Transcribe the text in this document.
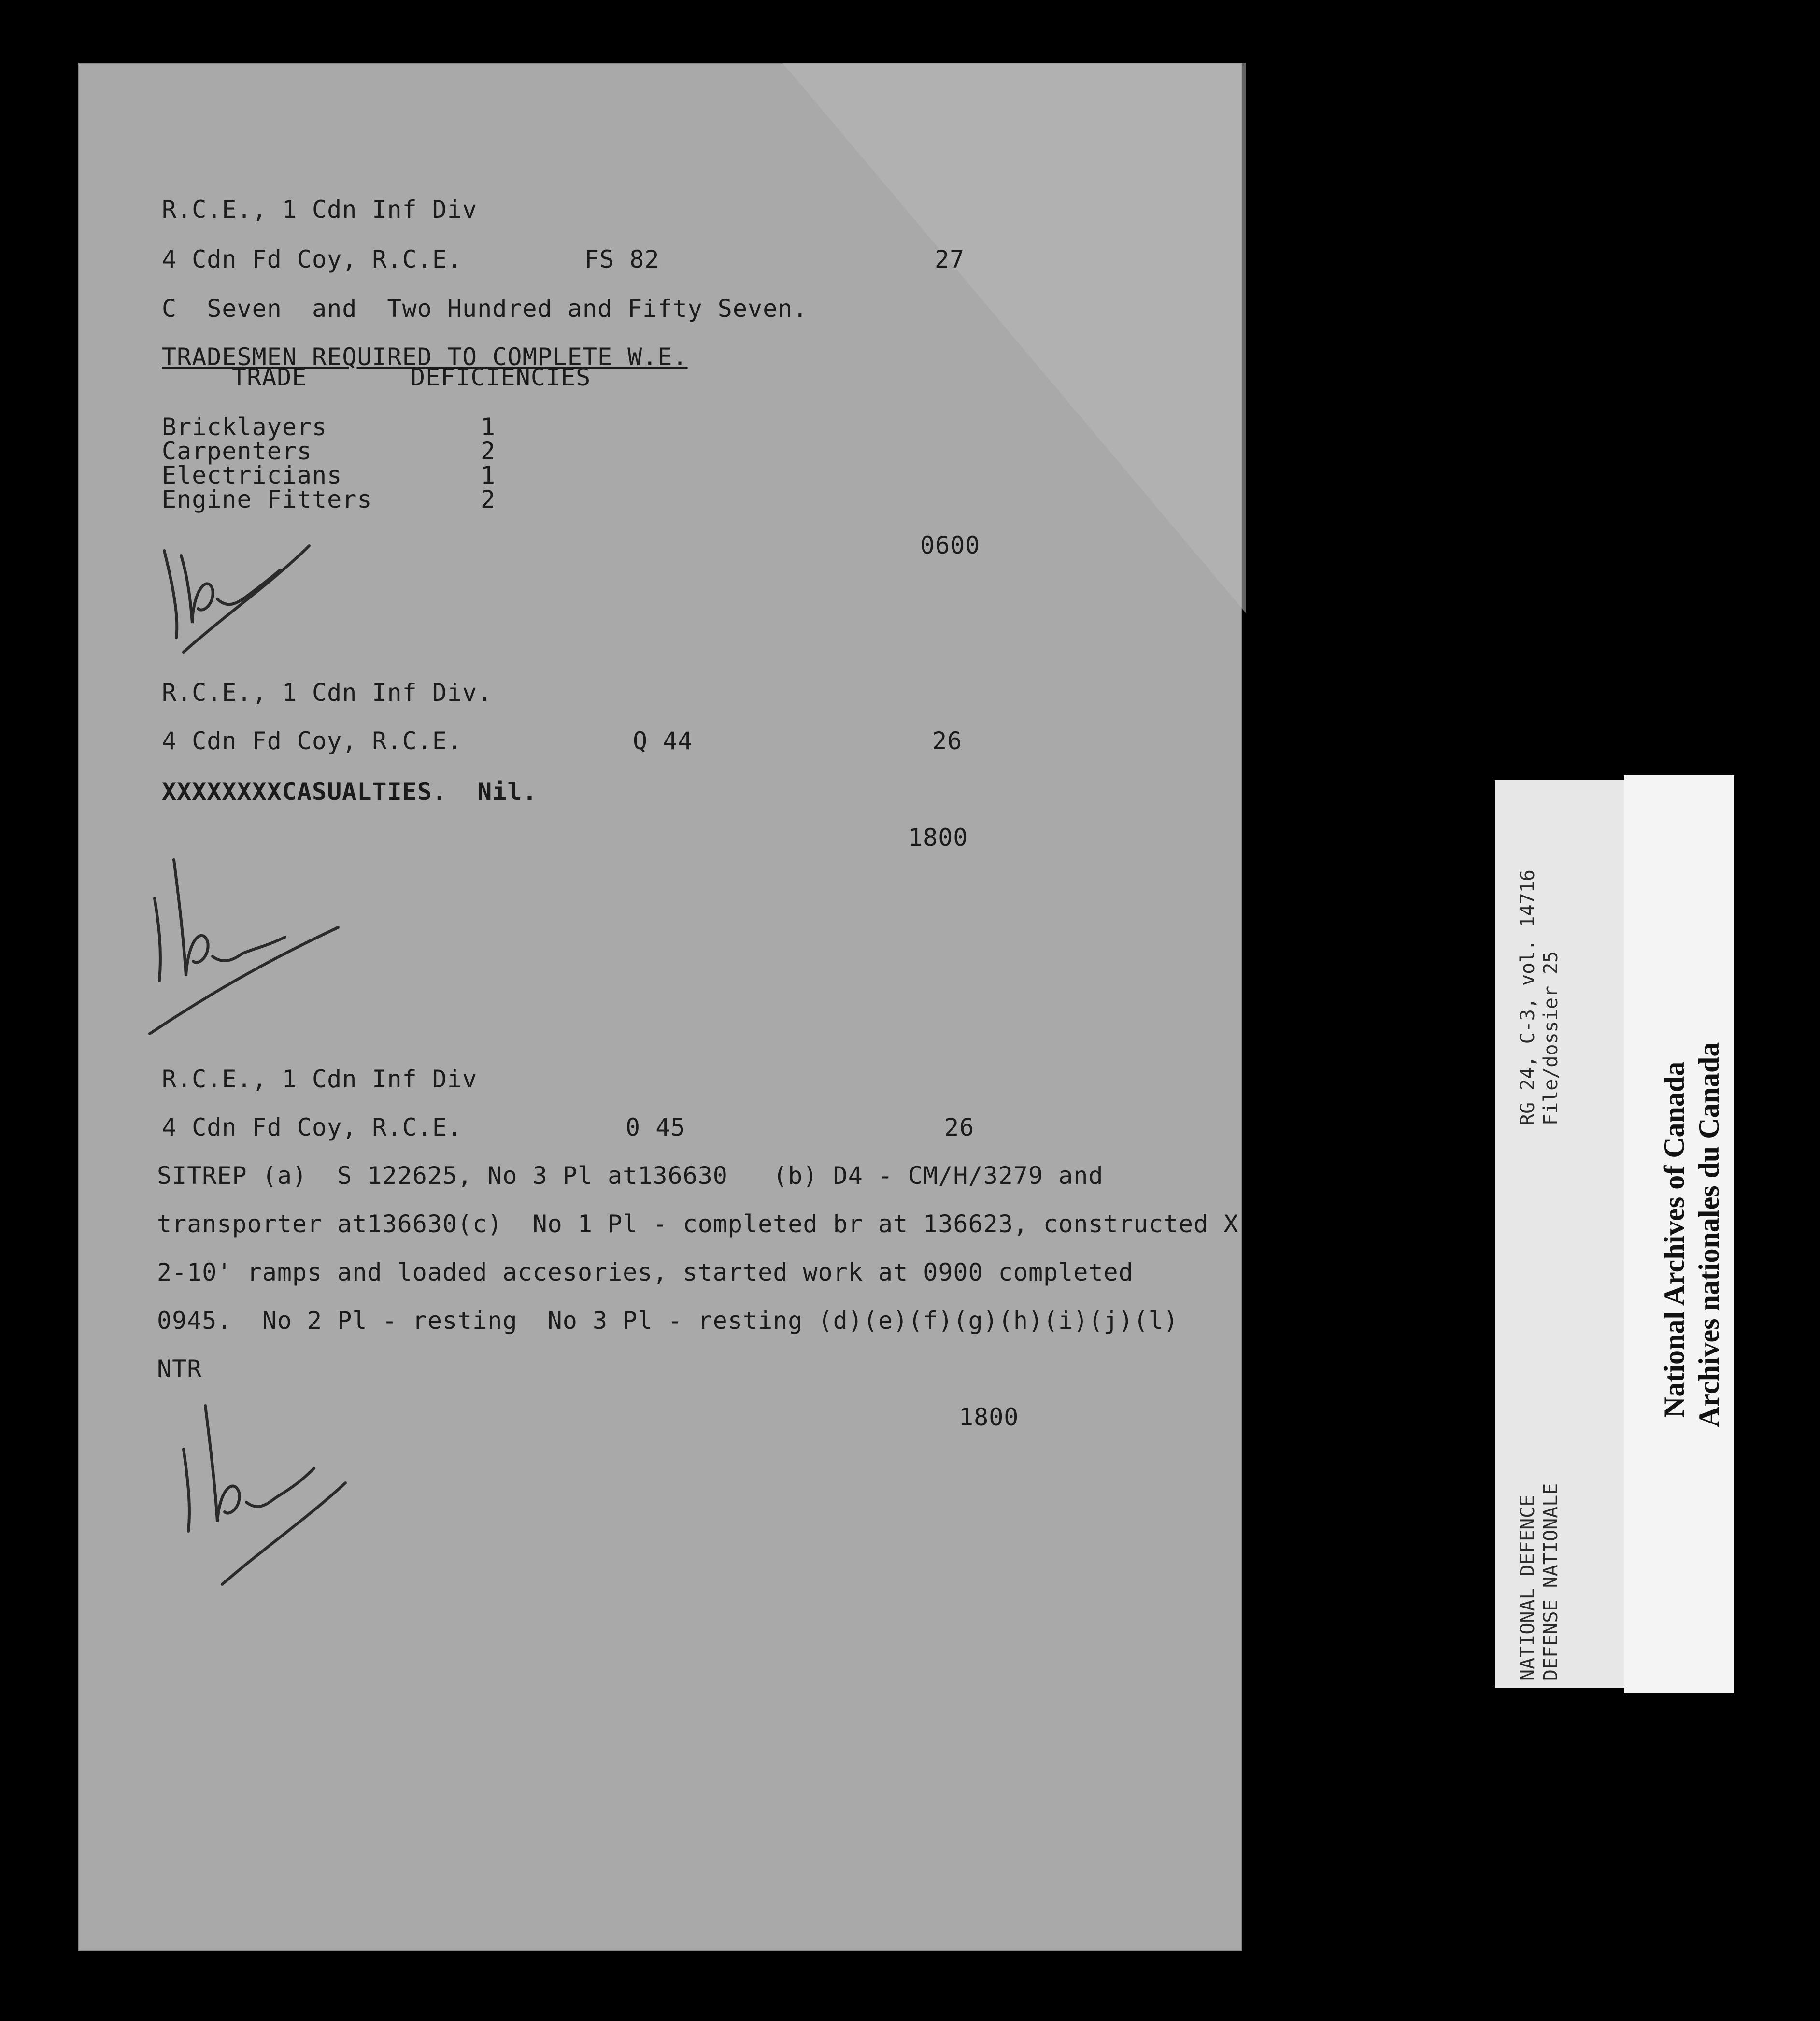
R.C.E., 1 Cdn Inf Div
4 Cdn Fd Coy, R.C.E.	FS 82	27
C  Seven  and  Two Hundred and Fifty Seven.
TRADESMEN REQUIRED TO COMPLETE W.E.
TRADE	DEFICIENCIES
Bricklayers	1
Carpenters	2
Electricians	1
Engine Fitters	2
0600
R.C.E., 1 Cdn Inf Div.
4 Cdn Fd Coy, R.C.E.	Q 44	26
XXXXXXXXCASUALTIES.  Nil.
1800
R.C.E., 1 Cdn Inf Div
4 Cdn Fd Coy, R.C.E.	0 45	26
SITREP (a)  S 122625, No 3 Pl at136630   (b) D4 - CM/H/3279 and
transporter at136630(c)  No 1 Pl - completed br at 136623, constructed X
2-10' ramps and loaded accesories, started work at 0900 completed
0945.  No 2 Pl - resting  No 3 Pl - resting (d)(e)(f)(g)(h)(i)(j)(l)
NTR
1800
RG 24, C-3, vol. 14716 File/dossier 25
NATIONAL DEFENCE DEFENSE NATIONALE
National Archives of Canada Archives nationales du Canada
